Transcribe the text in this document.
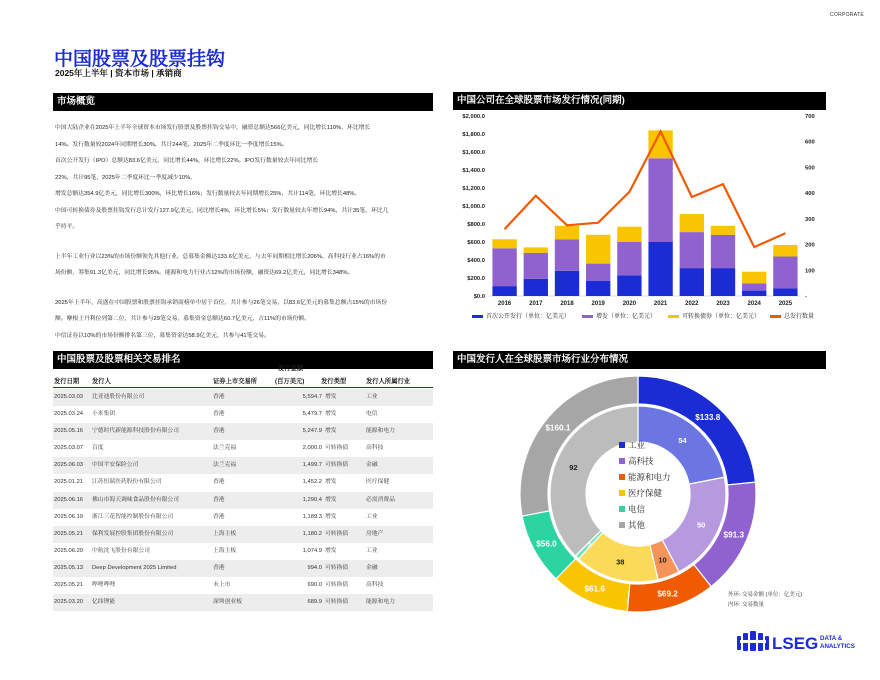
CORPORATE
中国股票及股票挂钩
2025年上半年 | 资本市场 | 承销商
市场概览	中国公司在全球股票市场发行情况(同期)
中国股票及股票相关交易排名	中国发行人在全球股票市场行业分布情况

中国大陆企业在2025年上半年全球资本市场发行股票及股票挂钩交易中，融资总额达566亿美元，同比增长110%，环比增长

14%。发行数量较2024年同期增长30%，共计244笔，2025年二季度环比一季度增长15%。

首次公开发行（IPO）总额达83.6亿美元，同比增长44%，环比增长22%。IPO发行数量较去年同比增长

22%，共计95笔，2025年二季度环比一季度减少10%。

增发总额达354.9亿美元，同比增长300%，环比增长16%；发行数量较去年同期增长25%，共计114笔，环比增长48%。

中国可转换债券及股票挂钩发行总计发行127.9亿美元，同比增长4%，环比增长5%；发行数量较去年增长94%，共计35笔，环比几

乎持平。

上半年工业行业以23%的市场份额领先其他行业，总募集金额达133.6亿美元，与去年同期相比增长206%，高科技行业占16%的市

场份额，筹集91.3亿美元，同比增长95%。能源和电力行业占12%的市场份额，融资达69.2亿美元，同比增长348%。

2025年上半年，高盛在中国股票和股票挂钩承销商榜单中居于首位，共计参与26笔交易，以83.6亿美元的募集总额占15%的市场份

额。摩根士丹利位列第二位，共计参与29笔交易，募集资金总额达60.7亿美元，占11%的市场份额。

中信证券以10%的市场份额排名第三位，募集资金达58.9亿美元，共参与41笔交易。

$0.0
$200.0
$400.0
$600.0
$800.0
$1,000.0
$1,200.0
$1,400.0
$1,600.0
$1,800.0
$2,000.0
-
100
200
300
400
500
600
700
2016	2017	2018	2019	2020	2021	2022	2023	2024	2025
首次公开发行（单位：亿美元）	增发（单位：亿美元）	可转换债券（单位：亿美元）	总发行数量
发行日期 发行人	证券上市交易所
发行金额
(百万美元)	发行类型	发行人所属行业
2025.03.03 比亚迪股份有限公司	香港	5,594.7 增发	工业
2025.03.24 小米集团	香港	5,479.7 增发	电信
2025.05.16 宁德时代新能源科技股份有限公司	香港	5,247.9 增发	能源和电力
2025.03.07 百度	法兰克福	2,000.0 可转换债	高科技
2025.06.03 中国平安保险公司	法兰克福	1,499.7 可转换债	金融
2025.01.21 江苏恒瑞医药股份有限公司	香港	1,452.2 增发	医疗保健
2025.06.16 佛山市海天调味食品股份有限公司	香港	1,290.4 增发	必需消费品
2025.06.19 浙江三花智能控制股份有限公司	香港	1,189.3 增发	工业
2025.05.21 保利发展控股集团股份有限公司	上海主板	1,180.2 可转换债	房地产
2025.06.20 中航沈飞股份有限公司	上海主板	1,074.9 增发	工业
2025.05.13 Deep Development 2025 Limited	香港	994.0 可转换债	金融
2025.05.21 哔哩哔哩	未上市	690.0 可转换债	高科技
2025.03.20 亿纬锂能	深圳创业板	689.9 可转换债	能源和电力
$133.8
$91.3
$69.2
$61.6
$56.0
$160.1
54
50
10
38
2
92
工业
高科技
能源和电力
医疗保健
电信
其他
外环: 交易金额 (单位：亿美元)
内环: 交易数量
LSEG DATA &
ANALYTICS
